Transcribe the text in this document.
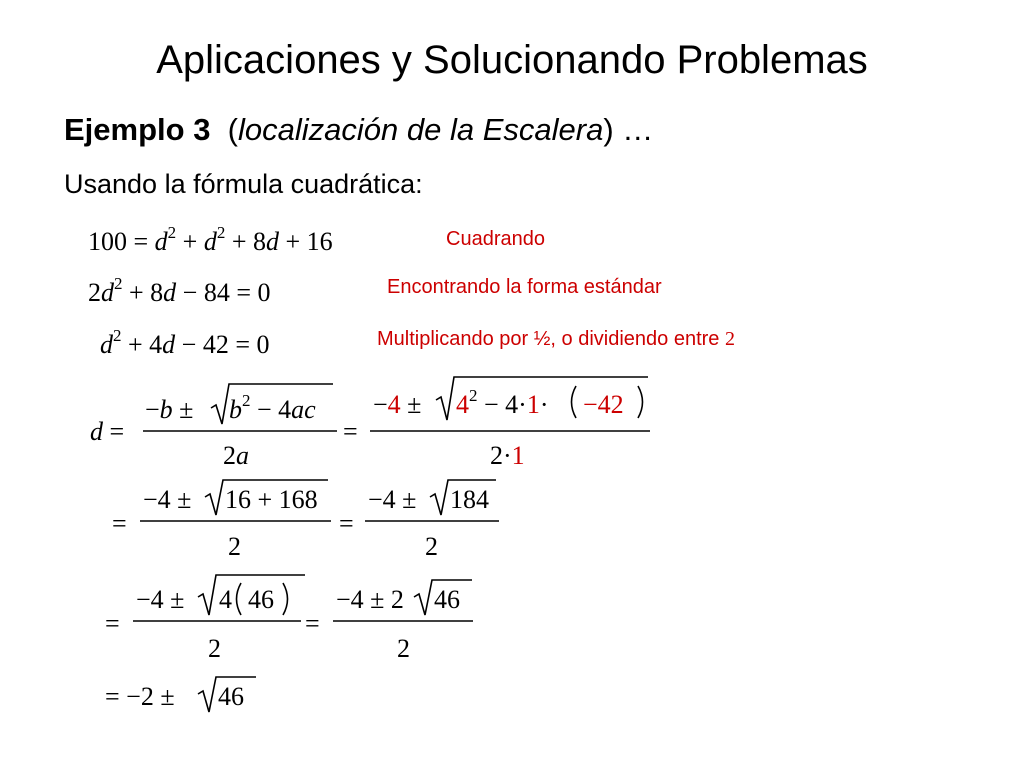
Aplicaciones y Solucionando Problemas
Ejemplo 3 (localización de la Escalera) …
Usando la fórmula cuadrática:
Cuadrando
Encontrando la forma estándar
Multiplicando por ½, o dividiendo entre 2
$100 = d^2 + d^2 + 8d + 16$
$2d^2 + 8d - 84 = 0$
$d^2 + 4d - 42 = 0$
d =
$-b \pm b^2 - 4ac$
2a
=
$-4 \pm 4^2 - 4\cdot 1\cdot -42$
2·1
=
−4 ± 16 + 168
2
=
−4 ± 184
2
=
−4 ± 4 46
2
=
−4 ± 2 46
2
= −2 ± 46
